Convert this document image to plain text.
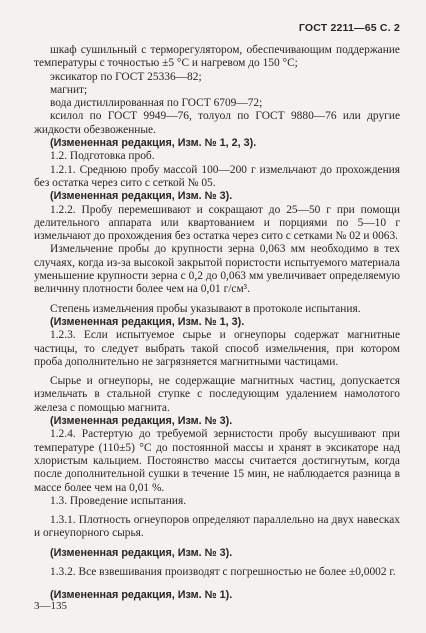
ГОСТ 2211—65 С. 2

шкаф сушильный с терморегулятором, обеспечивающим поддержание температуры с точностью ±5 °С и нагревом до 150 °С;

эксикатор по ГОСТ 25336—82;

магнит;

вода дистиллированная по ГОСТ 6709—72;

ксилол по ГОСТ 9949—76, толуол по ГОСТ 9880—76 или другие жидкости обезвоженные.

(Измененная редакция, Изм. № 1, 2, 3).

1.2. Подготовка проб.

1.2.1. Среднюю пробу массой 100—200 г измельчают до прохождения без остатка через сито с сеткой № 05.

(Измененная редакция, Изм. № 3).

1.2.2. Пробу перемешивают и сокращают до 25—50 г при помощи делительного аппарата или квартованием и порциями по 5—10 г измельчают до прохождения без остатка через сито с сетками № 02 и 0063.

Измельчение пробы до крупности зерна 0,063 мм необходимо в тех случаях, когда из-за высокой закрытой пористости испытуемого материала уменьшение крупности зерна с 0,2 до 0,063 мм увеличивает определяемую величину плотности более чем на 0,01 г/см³.

Степень измельчения пробы указывают в протоколе испытания.

(Измененная редакция, Изм. № 1, 3).

1.2.3. Если испытуемое сырье и огнеупоры содержат магнитные частицы, то следует выбрать такой способ измельчения, при котором проба дополнительно не загрязняется магнитными частицами.

Сырье и огнеупоры, не содержащие магнитных частиц, допускается измельчать в стальной ступке с последующим удалением намолотого железа с помощью магнита.

(Измененная редакция, Изм. № 3).

1.2.4. Растертую до требуемой зернистости пробу высушивают при температуре (110±5) °С до постоянной массы и хранят в эксикаторе над хлористым кальцием. Постоянство массы считается достигнутым, когда после дополнительной сушки в течение 15 мин, не наблюдается разница в массе более чем на 0,01 %.

1.3. Проведение испытания.

1.3.1. Плотность огнеупоров определяют параллельно на двух навесках и огнеупорного сырья.

(Измененная редакция, Изм. № 3).

1.3.2. Все взвешивания производят с погрешностью не более ±0,0002 г.

(Измененная редакция, Изм. № 1).

3—135
